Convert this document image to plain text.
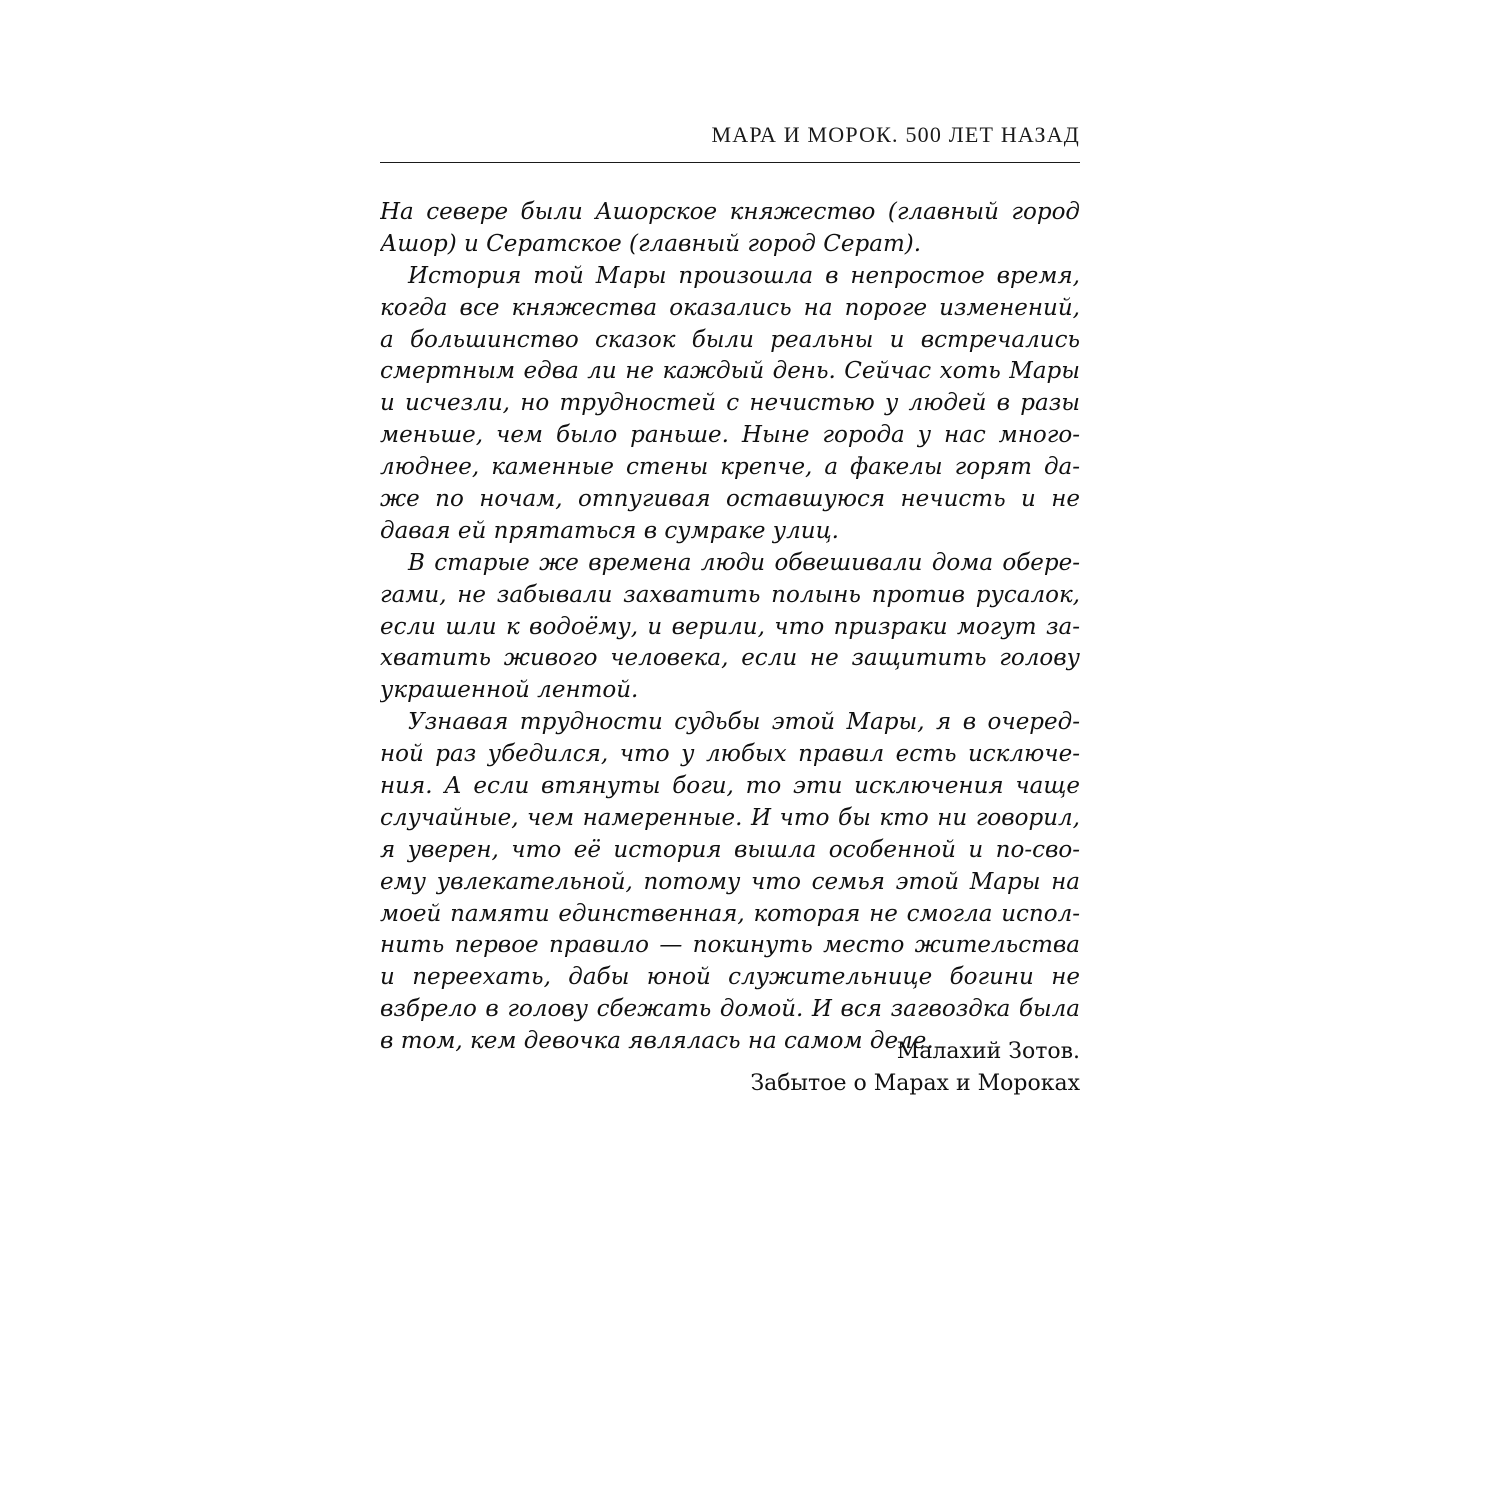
МАРА И МОРОК. 500 ЛЕТ НАЗАД
На севере были Ашорское княжество (главный город
Ашор) и Сератское (главный город Серат).
История той Мары произошла в непростое время,
когда все княжества оказались на пороге изменений,
а большинство сказок были реальны и встречались
смертным едва ли не каждый день. Сейчас хоть Мары
и исчезли, но трудностей с нечистью у людей в разы
меньше, чем было раньше. Ныне города у нас много-
люднее, каменные стены крепче, а факелы горят да-
же по ночам, отпугивая оставшуюся нечисть и не
давая ей прятаться в сумраке улиц.
В старые же времена люди обвешивали дома обере-
гами, не забывали захватить полынь против русалок,
если шли к водоёму, и верили, что призраки могут за-
хватить живого человека, если не защитить голову
украшенной лентой.
Узнавая трудности судьбы этой Мары, я в очеред-
ной раз убедился, что у любых правил есть исключе-
ния. А если втянуты боги, то эти исключения чаще
случайные, чем намеренные. И что бы кто ни говорил,
я уверен, что её история вышла особенной и по-сво-
ему увлекательной, потому что семья этой Мары на
моей памяти единственная, которая не смогла испол-
нить первое правило — покинуть место жительства
и переехать, дабы юной служительнице богини не
взбрело в голову сбежать домой. И вся загвоздка была
в том, кем девочка являлась на самом деле.
Малахий Зотов.
Забытое о Марах и Мороках
